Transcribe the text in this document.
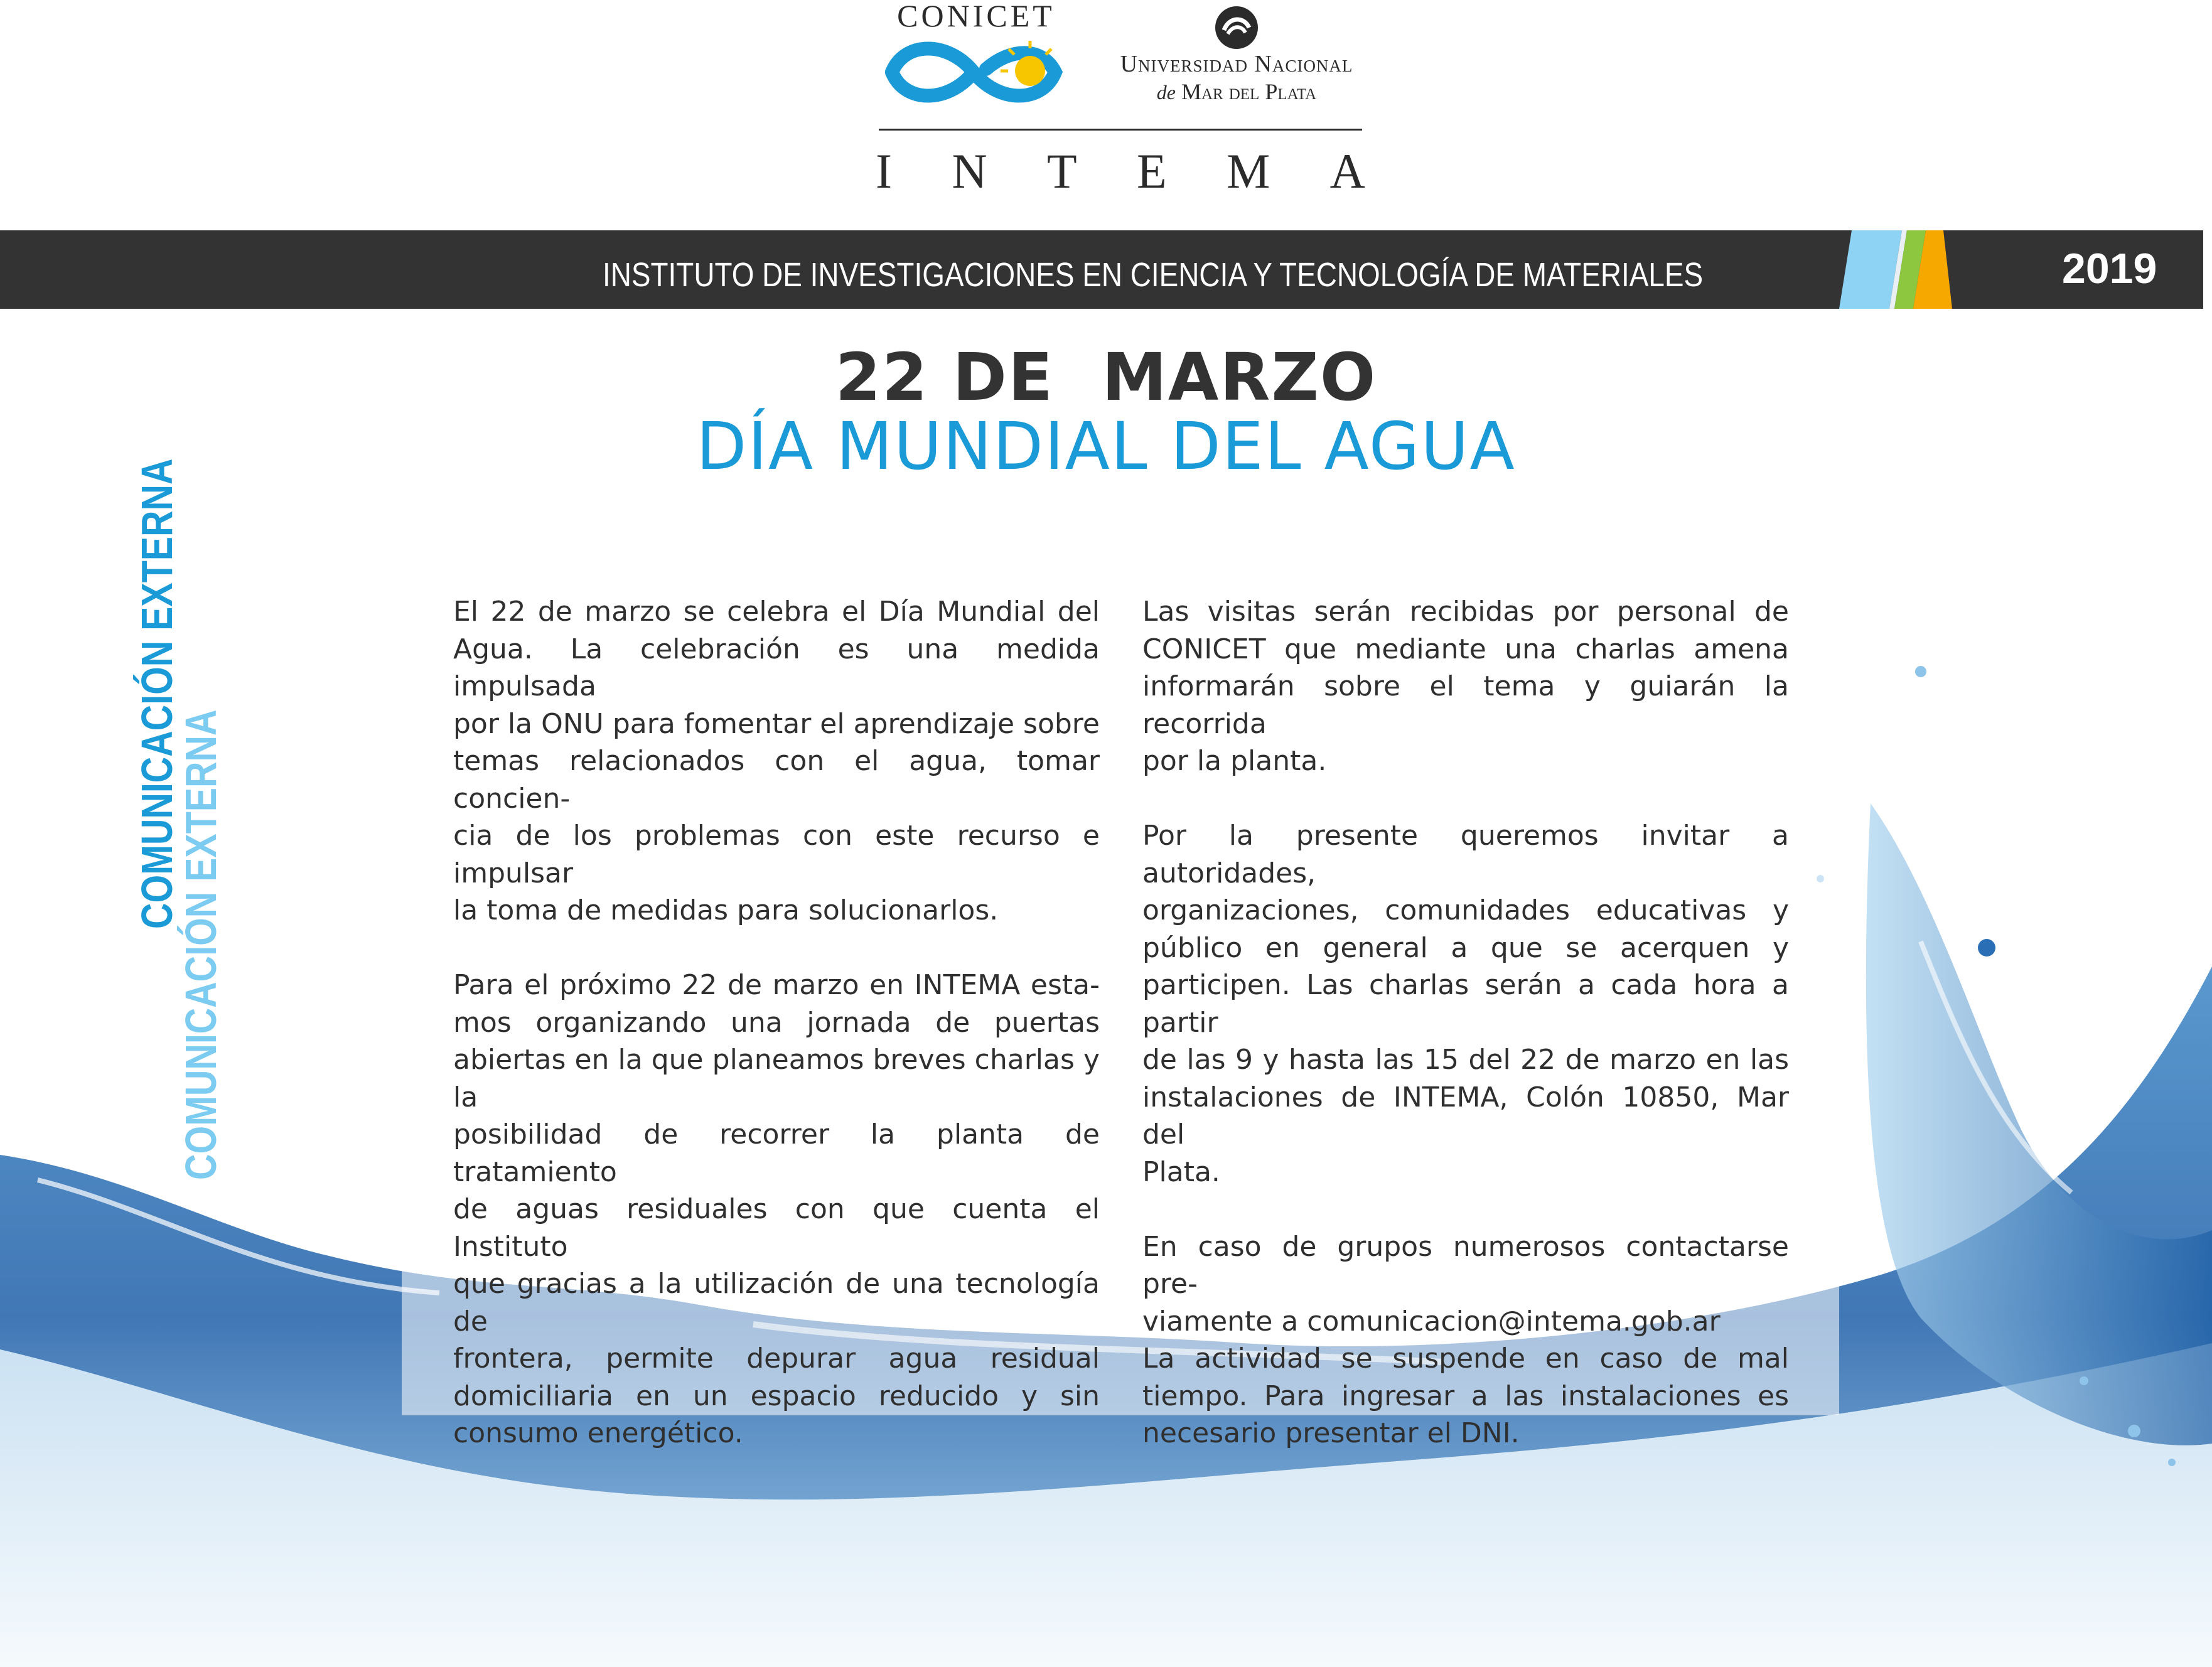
CONICET
Universidad Nacional
de Mar del Plata
I N T E M A
INSTITUTO DE INVESTIGACIONES EN CIENCIA Y TECNOLOGÍA DE MATERIALES	2019
COMUNICACIÓN EXTERNA
COMUNICACIÓN EXTERNA
22 DE  MARZO
DÍA MUNDIAL DEL AGUA

El 22 de marzo se celebra el Día Mundial del
Agua. La celebración es una medida impulsada
por la ONU para fomentar el aprendizaje sobre
temas relacionados con el agua, tomar concien-
cia de los problemas con este recurso e impulsar
la toma de medidas para solucionarlos.

Para el próximo 22 de marzo en INTEMA esta-
mos organizando una jornada de puertas
abiertas en la que planeamos breves charlas y la
posibilidad de recorrer la planta de tratamiento
de aguas residuales con que cuenta el Instituto
que gracias a la utilización de una tecnología de
frontera, permite depurar agua residual
domiciliaria en un espacio reducido y sin
consumo energético.

Las visitas serán recibidas por personal de
CONICET que mediante una charlas amena
informarán sobre el tema y guiarán la recorrida
por la planta.

Por la presente queremos invitar a autoridades,
organizaciones, comunidades educativas y
público en general a que se acerquen y
participen. Las charlas serán a cada hora a partir
de las 9 y hasta las 15 del 22 de marzo en las
instalaciones de INTEMA, Colón 10850, Mar del
Plata.

En caso de grupos numerosos contactarse pre-
viamente a comunicacion@intema.gob.ar

La actividad se suspende en caso de mal
tiempo. Para ingresar a las instalaciones es
necesario presentar el DNI.
